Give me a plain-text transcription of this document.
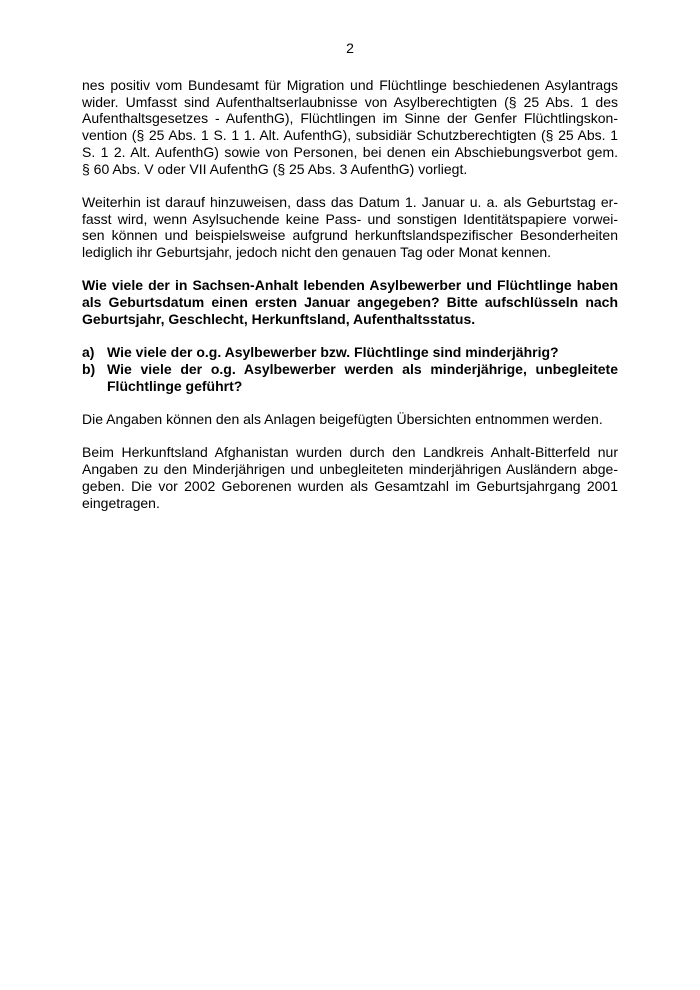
2
nes positiv vom Bundesamt für Migration und Flüchtlinge beschiedenen Asylantrags
wider. Umfasst sind Aufenthaltserlaubnisse von Asylberechtigten (§ 25 Abs. 1 des
Aufenthaltsgesetzes - AufenthG), Flüchtlingen im Sinne der Genfer Flüchtlingskon-
vention (§ 25 Abs. 1 S. 1 1. Alt. AufenthG), subsidiär Schutzberechtigten (§ 25 Abs. 1
S. 1 2. Alt. AufenthG) sowie von Personen, bei denen ein Abschiebungsverbot gem.
§ 60 Abs. V oder VII AufenthG (§ 25 Abs. 3 AufenthG) vorliegt.
Weiterhin ist darauf hinzuweisen, dass das Datum 1. Januar u. a. als Geburtstag er-
fasst wird, wenn Asylsuchende keine Pass- und sonstigen Identitätspapiere vorwei-
sen können und beispielsweise aufgrund herkunftslandspezifischer Besonderheiten
lediglich ihr Geburtsjahr, jedoch nicht den genauen Tag oder Monat kennen.
Wie viele der in Sachsen-Anhalt lebenden Asylbewerber und Flüchtlinge haben
als Geburtsdatum einen ersten Januar angegeben? Bitte aufschlüsseln nach
Geburtsjahr, Geschlecht, Herkunftsland, Aufenthaltsstatus.
a) Wie viele der o.g. Asylbewerber bzw. Flüchtlinge sind minderjährig?
b) Wie viele der o.g. Asylbewerber werden als minderjährige, unbegleitete
Flüchtlinge geführt?
Die Angaben können den als Anlagen beigefügten Übersichten entnommen werden.
Beim Herkunftsland Afghanistan wurden durch den Landkreis Anhalt-Bitterfeld nur
Angaben zu den Minderjährigen und unbegleiteten minderjährigen Ausländern abge-
geben. Die vor 2002 Geborenen wurden als Gesamtzahl im Geburtsjahrgang 2001
eingetragen.
